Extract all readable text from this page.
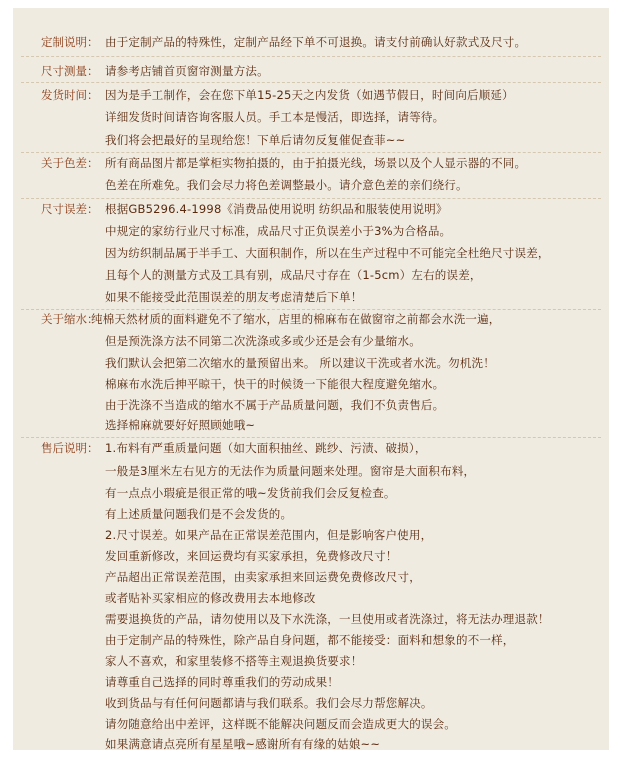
定制说明： 由于定制产品的特殊性，定制产品经下单不可退换。请支付前确认好款式及尺寸。
尺寸测量： 请参考店铺首页窗帘测量方法。
发货时间： 因为是手工制作，会在您下单15-25天之内发货（如遇节假日，时间向后顺延）
详细发货时间请咨询客服人员。手工本是慢活，即选择，请等待。
我们将会把最好的呈现给您！下单后请勿反复催促查菲~~
关于色差： 所有商品图片都是掌柜实物拍摄的，由于拍摄光线，场景以及个人显示器的不同。
色差在所难免。我们会尽力将色差调整最小。请介意色差的亲们绕行。
尺寸误差： 根据GB5296.4-1998《消费品使用说明 纺织品和服装使用说明》
中规定的家纺行业尺寸标准，成品尺寸正负误差小于3%为合格品。
因为纺织制品属于半手工、大面积制作，所以在生产过程中不可能完全杜绝尺寸误差，
且每个人的测量方式及工具有别，成品尺寸存在（1-5cm）左右的误差，
如果不能接受此范围误差的朋友考虑清楚后下单！
关于缩水：
纯棉天然材质的面料避免不了缩水，店里的棉麻布在做窗帘之前都会水洗一遍，
但是预洗涤方法不同第二次洗涤或多或少还是会有少量缩水。
我们默认会把第二次缩水的量预留出来。 所以建议干洗或者水洗。勿机洗！
棉麻布水洗后抻平晾干，快干的时候烫一下能很大程度避免缩水。
由于洗涤不当造成的缩水不属于产品质量问题，我们不负责售后。
选择棉麻就要好好照顾她哦~
售后说明： 1.布料有严重质量问题（如大面积抽丝、跳纱、污渍、破损），
一般是3厘米左右见方的无法作为质量问题来处理。窗帘是大面积布料，
有一点点小瑕疵是很正常的哦~发货前我们会反复检查。
有上述质量问题我们是不会发货的。
2.尺寸误差。如果产品在正常误差范围内，但是影响客户使用，
发回重新修改，来回运费均有买家承担，免费修改尺寸！
产品超出正常误差范围，由卖家承担来回运费免费修改尺寸，
或者贴补买家相应的修改费用去本地修改
需要退换货的产品，请勿使用以及下水洗涤，一旦使用或者洗涤过，将无法办理退款！
由于定制产品的特殊性，除产品自身问题，都不能接受：面料和想象的不一样，
家人不喜欢，和家里装修不搭等主观退换货要求！
请尊重自己选择的同时尊重我们的劳动成果！
收到货品与有任何问题都请与我们联系。我们会尽力帮您解决。
请勿随意给出中差评，这样既不能解决问题反而会造成更大的误会。
如果满意请点亮所有星星哦~感谢所有有缘的姑娘~~
